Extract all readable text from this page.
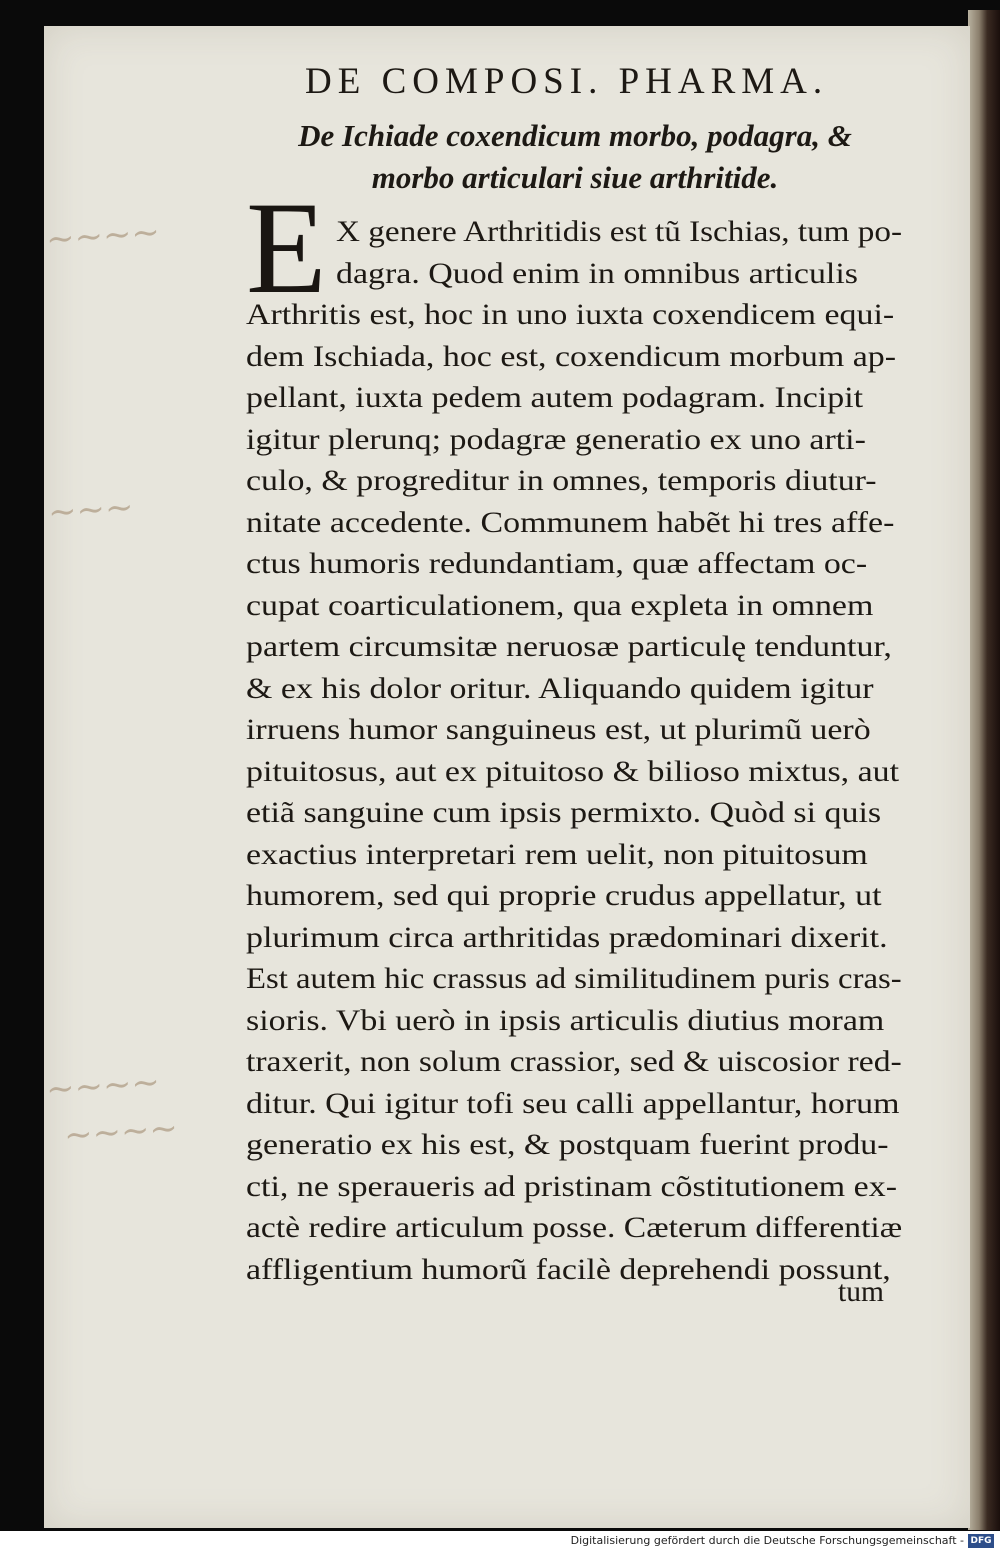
~~~~
~~~
~~~~
~~~~
DE COMPOSI. PHARMA.
De Ichiade coxendicum morbo, podagra, &
morbo articulari siue arthritide.
E X genere Arthritidis est tũ Ischias, tum po-
dagra. Quod enim in omnibus articulis
Arthritis est, hoc in uno iuxta coxendicem equi-
dem Ischiada, hoc est, coxendicum morbum ap-
pellant, iuxta pedem autem podagram. Incipit
igitur plerunq; podagræ generatio ex uno arti-
culo, & progreditur in omnes, temporis diutur-
nitate accedente. Communem habẽt hi tres affe-
ctus humoris redundantiam, quæ affectam oc-
cupat coarticulationem, qua expleta in omnem
partem circumsitæ neruosæ particulę tenduntur,
& ex his dolor oritur. Aliquando quidem igitur
irruens humor sanguineus est, ut plurimũ uerò
pituitosus, aut ex pituitoso & bilioso mixtus, aut
etiã sanguine cum ipsis permixto. Quòd si quis
exactius interpretari rem uelit, non pituitosum
humorem, sed qui proprie crudus appellatur, ut
plurimum circa arthritidas prædominari dixerit.
Est autem hic crassus ad similitudinem puris cras-
sioris. Vbi uerò in ipsis articulis diutius moram
traxerit, non solum crassior, sed & uiscosior red-
ditur. Qui igitur tofi seu calli appellantur, horum
generatio ex his est, & postquam fuerint produ-
cti, ne speraueris ad pristinam cõstitutionem ex-
actè redire articulum posse. Cæterum differentiæ
affligentium humorũ facilè deprehendi possunt,
tum
Digitalisierung gefördert durch die Deutsche Forschungsgemeinschaft - DFG
